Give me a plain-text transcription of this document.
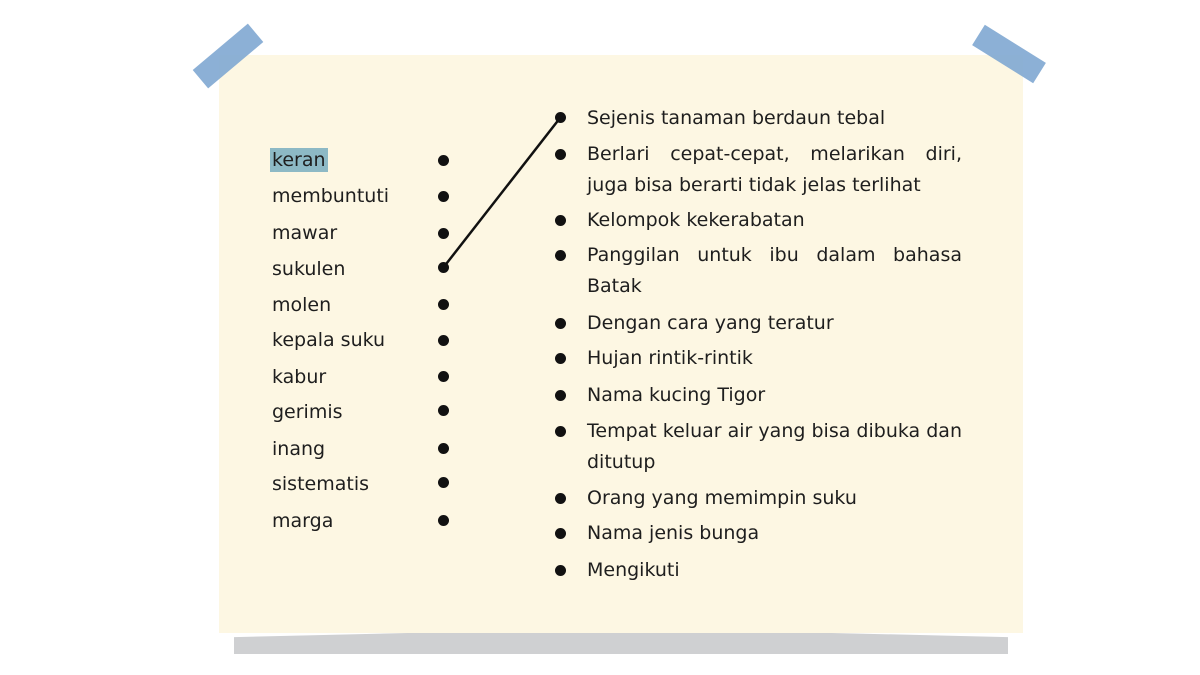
keran
membuntuti
mawar
sukulen
molen
kepala suku
kabur
gerimis
inang
sistematis
marga
Sejenis tanaman berdaun tebal
Berlari cepat-cepat, melarikan diri, juga bisa berarti tidak jelas terlihat
Kelompok kekerabatan
Panggilan untuk ibu dalam bahasa Batak
Dengan cara yang teratur
Hujan rintik-rintik
Nama kucing Tigor
Tempat keluar air yang bisa dibuka dan ditutup
Orang yang memimpin suku
Nama jenis bunga
Mengikuti
